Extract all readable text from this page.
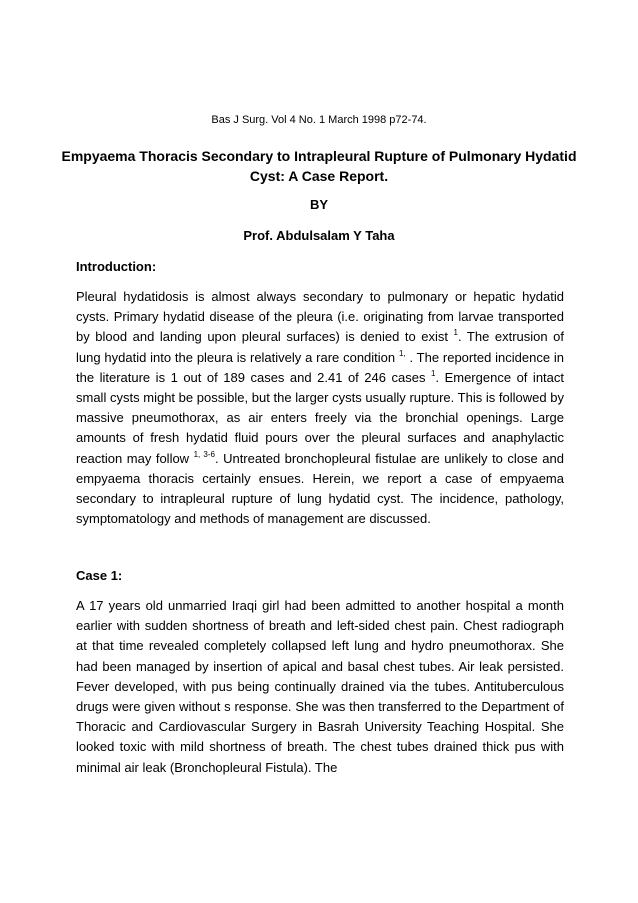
Bas J Surg. Vol 4 No. 1 March 1998 p72-74.
Empyaema Thoracis Secondary to Intrapleural Rupture of Pulmonary Hydatid Cyst: A Case Report.
BY
Prof. Abdulsalam Y Taha
Introduction:
Pleural hydatidosis is almost always secondary to pulmonary or hepatic hydatid cysts. Primary hydatid disease of the pleura (i.e. originating from larvae transported by blood and landing upon pleural surfaces) is denied to exist $^1$. The extrusion of lung hydatid into the pleura is relatively a rare condition $^{1,}$ . The reported incidence in the literature is 1 out of 189 cases and 2.41 of 246 cases $^1$. Emergence of intact small cysts might be possible, but the larger cysts usually rupture. This is followed by massive pneumothorax, as air enters freely via the bronchial openings. Large amounts of fresh hydatid fluid pours over the pleural surfaces and anaphylactic reaction may follow $^{1, 3-6}$. Untreated bronchopleural fistulae are unlikely to close and empyaema thoracis certainly ensues. Herein, we report a case of empyaema secondary to intrapleural rupture of lung hydatid cyst. The incidence, pathology, symptomatology and methods of management are discussed.
Case 1:
A 17 years old unmarried Iraqi girl had been admitted to another hospital a month earlier with sudden shortness of breath and left-sided chest pain. Chest radiograph at that time revealed completely collapsed left lung and hydro pneumothorax. She had been managed by insertion of apical and basal chest tubes. Air leak persisted. Fever developed, with pus being continually drained via the tubes. Antituberculous drugs were given without s response. She was then transferred to the Department of Thoracic and Cardiovascular Surgery in Basrah University Teaching Hospital. She looked toxic with mild shortness of breath. The chest tubes drained thick pus with minimal air leak (Bronchopleural Fistula). The
